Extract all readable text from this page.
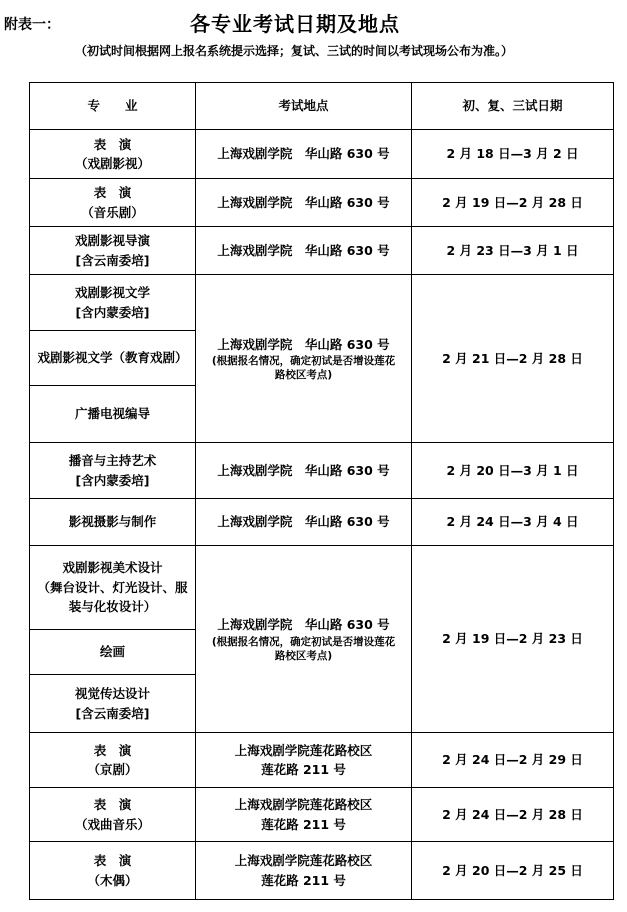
附表一：	各专业考试日期及地点
（初试时间根据网上报名系统提示选择；复试、三试的时间以考试现场公布为准。）
专　　业	考试地点	初、复、三试日期

表　演
（戏剧影视）	上海戏剧学院　华山路 630 号	2 月 18 日—3 月 2 日

表　演
（音乐剧）	上海戏剧学院　华山路 630 号	2 月 19 日—2 月 28 日

戏剧影视导演
[含云南委培]	上海戏剧学院　华山路 630 号	2 月 23 日—3 月 1 日

戏剧影视文学
[含内蒙委培]	上海戏剧学院　华山路 630 号
(根据报名情况，确定初试是否增设莲花
路校区考点)	2 月 21 日—2 月 28 日

戏剧影视文学（教育戏剧）		

广播电视编导		

播音与主持艺术
[含内蒙委培]	上海戏剧学院　华山路 630 号	2 月 20 日—3 月 1 日

影视摄影与制作	上海戏剧学院　华山路 630 号	2 月 24 日—3 月 4 日

戏剧影视美术设计
（舞台设计、灯光设计、服
装与化妆设计）	上海戏剧学院　华山路 630 号
(根据报名情况，确定初试是否增设莲花
路校区考点)	2 月 19 日—2 月 23 日

绘画		

视觉传达设计
[含云南委培]		

表　演
（京剧）	上海戏剧学院莲花路校区
莲花路 211 号	2 月 24 日—2 月 29 日

表　演
（戏曲音乐）	上海戏剧学院莲花路校区
莲花路 211 号	2 月 24 日—2 月 28 日

表　演
（木偶）	上海戏剧学院莲花路校区
莲花路 211 号	2 月 20 日—2 月 25 日
